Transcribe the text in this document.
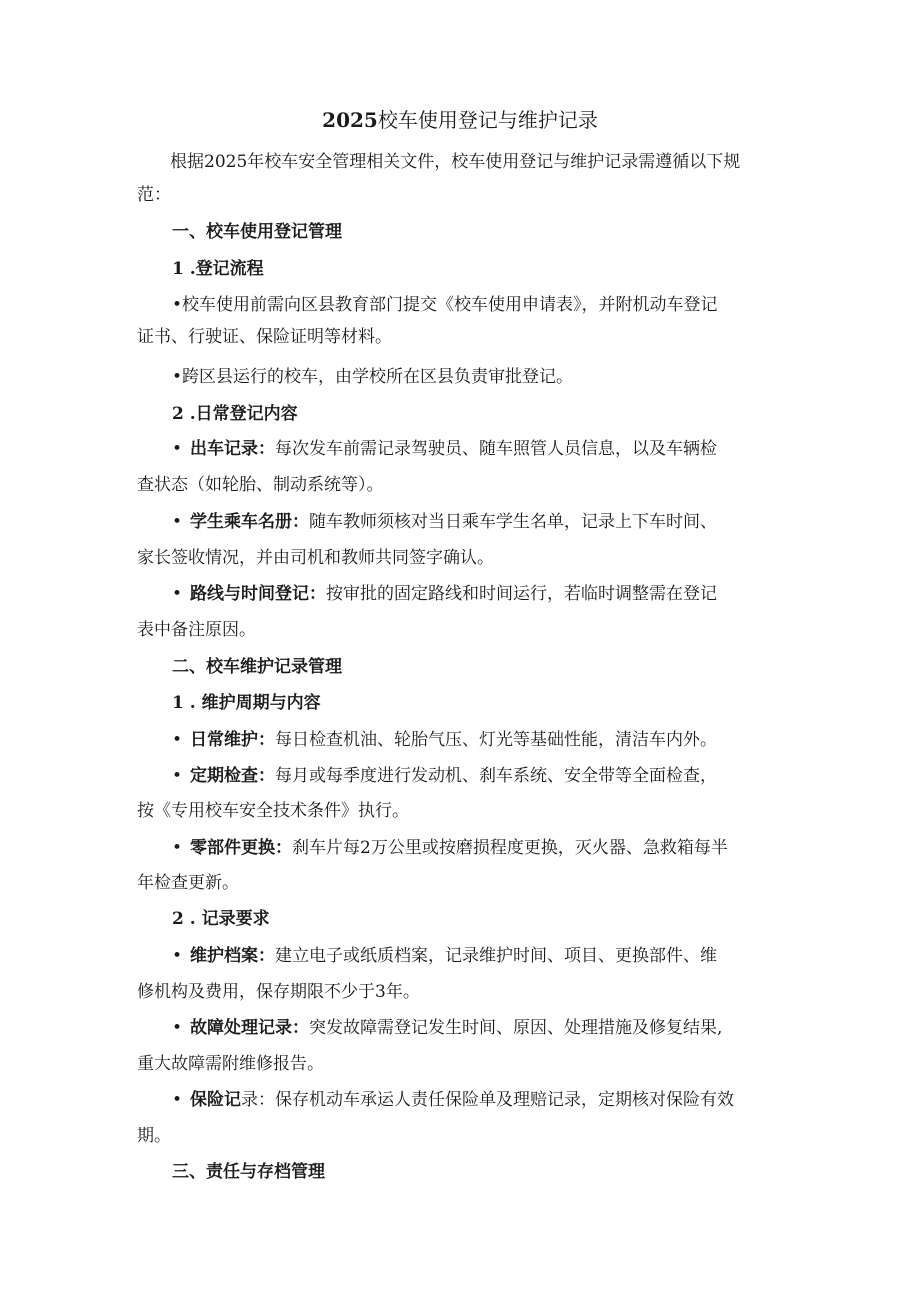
2025校车使用登记与维护记录
根据2025年校车安全管理相关文件，校车使用登记与维护记录需遵循以下规
范：
一、校车使用登记管理
1 .登记流程
•校车使用前需向区县教育部门提交《校车使用申请表》，并附机动车登记
证书、行驶证、保险证明等材料。
•跨区县运行的校车，由学校所在区县负责审批登记。
2 .日常登记内容
• 出车记录：每次发车前需记录驾驶员、随车照管人员信息，以及车辆检
查状态（如轮胎、制动系统等）。
• 学生乘车名册：随车教师须核对当日乘车学生名单，记录上下车时间、
家长签收情况，并由司机和教师共同签字确认。
• 路线与时间登记：按审批的固定路线和时间运行，若临时调整需在登记
表中备注原因。
二、校车维护记录管理
1 . 维护周期与内容
• 日常维护：每日检查机油、轮胎气压、灯光等基础性能，清洁车内外。
• 定期检查：每月或每季度进行发动机、刹车系统、安全带等全面检查，
按《专用校车安全技术条件》执行。
• 零部件更换：刹车片每2万公里或按磨损程度更换，灭火器、急救箱每半
年检查更新。
2 . 记录要求
• 维护档案：建立电子或纸质档案，记录维护时间、项目、更换部件、维
修机构及费用，保存期限不少于3年。
• 故障处理记录：突发故障需登记发生时间、原因、处理措施及修复结果,
重大故障需附维修报告。
• 保险记录：保存机动车承运人责任保险单及理赔记录，定期核对保险有效
期。
三、责任与存档管理
